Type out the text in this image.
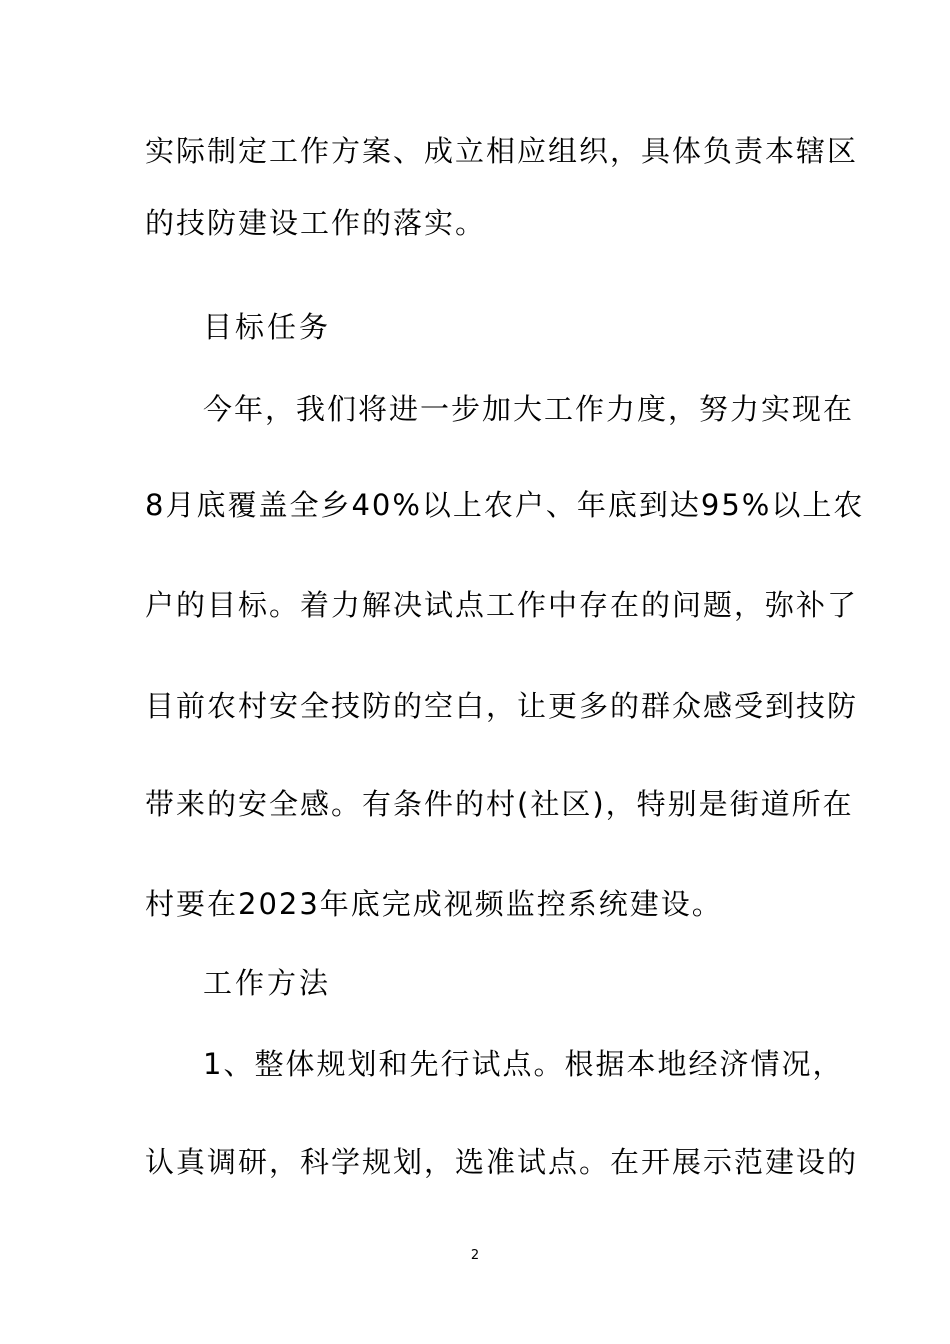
实际制定工作方案、成立相应组织，具体负责本辖区
的技防建设工作的落实。
目标任务
今年，我们将进一步加大工作力度，努力实现在
8月底覆盖全乡40%以上农户、年底到达95%以上农
户的目标。着力解决试点工作中存在的问题，弥补了
目前农村安全技防的空白，让更多的群众感受到技防
带来的安全感。有条件的村(社区)，特别是街道所在
村要在2023年底完成视频监控系统建设。
工作方法
1、整体规划和先行试点。根据本地经济情况，
认真调研，科学规划，选准试点。在开展示范建设的
2
